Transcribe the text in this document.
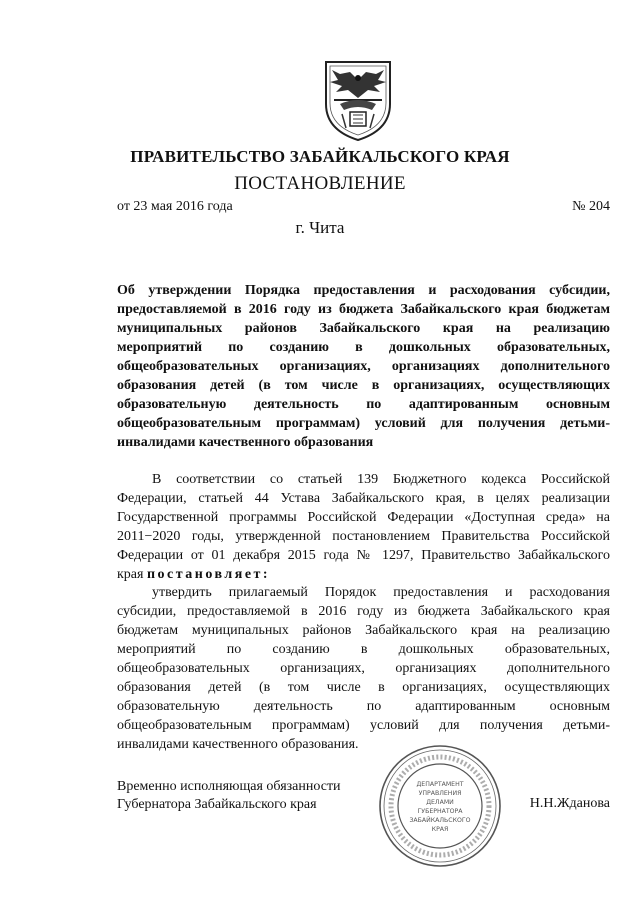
ПРАВИТЕЛЬСТВО ЗАБАЙКАЛЬСКОГО КРАЯ
ПОСТАНОВЛЕНИЕ
от 23 мая 2016 года	№ 204
г. Чита
Об утверждении Порядка предоставления и расходования субсидии,
предоставляемой в 2016 году из бюджета Забайкальского края бюджетам
муниципальных районов Забайкальского края на реализацию
мероприятий по созданию в дошкольных образовательных,
общеобразовательных организациях, организациях дополнительного
образования детей (в том числе в организациях, осуществляющих
образовательную деятельность по адаптированным основным
общеобразовательным программам) условий для получения детьми-
инвалидами качественного образования
В соответствии со статьей 139 Бюджетного кодекса Российской
Федерации, статьей 44 Устава Забайкальского края, в целях реализации
Государственной программы Российской Федерации «Доступная среда» на
2011−2020 годы, утвержденной постановлением Правительства Российской
Федерации от 01 декабря 2015 года № 1297, Правительство Забайкальского
края постановляет:
утвердить прилагаемый Порядок предоставления и расходования
субсидии, предоставляемой в 2016 году из бюджета Забайкальского края
бюджетам муниципальных районов Забайкальского края на реализацию
мероприятий по созданию в дошкольных образовательных,
общеобразовательных организациях, организациях дополнительного
образования детей (в том числе в организациях, осуществляющих
образовательную деятельность по адаптированным основным
общеобразовательным программам) условий для получения детьми-
инвалидами качественного образования.
Временно исполняющая обязанности
Губернатора Забайкальского края
ДЕПАРТАМЕНТ
УПРАВЛЕНИЯ
ДЕЛАМИ
ГУБЕРНАТОРА
ЗАБАЙКАЛЬСКОГО
КРАЯ
Н.Н.Жданова
